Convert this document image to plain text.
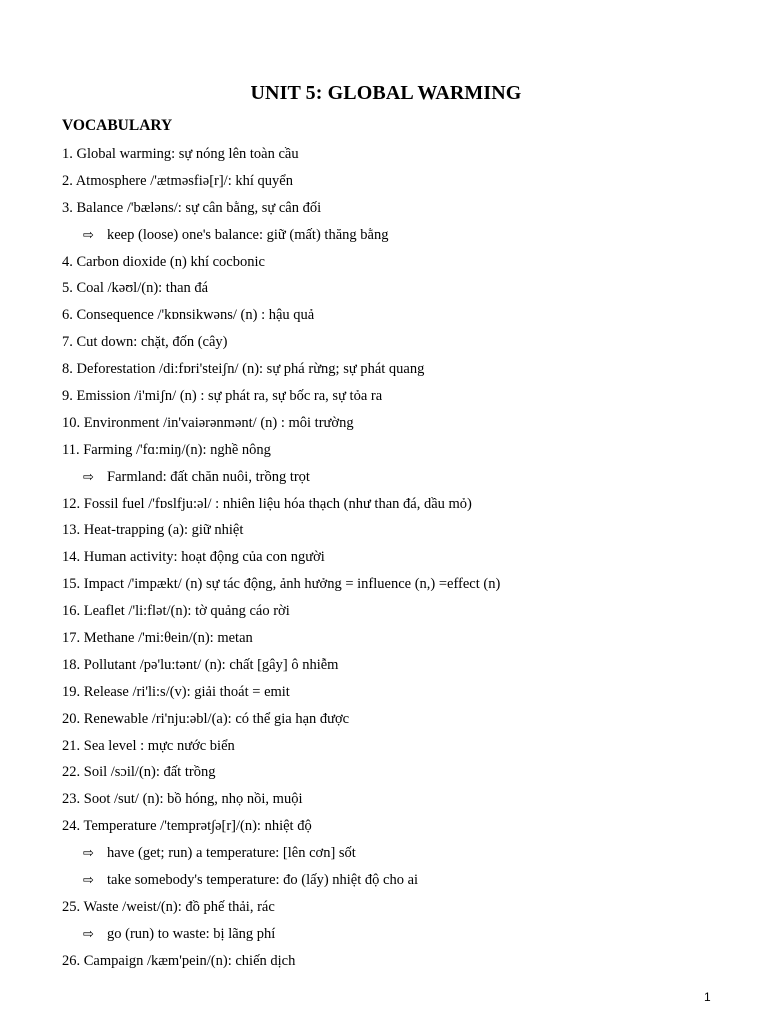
UNIT 5: GLOBAL WARMING
VOCABULARY
1. Global warming: sự nóng lên toàn cầu
2. Atmosphere /'ætməsfiə[r]/: khí quyển
3. Balance /'bæləns/: sự cân bằng, sự cân đối
⇨ keep (loose) one's balance: giữ (mất) thăng bằng
4. Carbon dioxide (n) khí cocbonic
5. Coal /kəʊl/(n): than đá
6. Consequence /'kɒnsikwəns/ (n) : hậu quả
7. Cut down: chặt, đốn (cây)
8. Deforestation /di:fɒri'steiʃn/ (n): sự phá rừng; sự phát quang
9. Emission /i'miʃn/ (n) : sự phát ra, sự bốc ra, sự tỏa ra
10. Environment /in'vaiərənmənt/ (n) : môi trường
11. Farming /'fɑ:miŋ/(n): nghề nông
⇨ Farmland: đất chăn nuôi, trồng trọt
12. Fossil fuel /'fɒslfju:əl/ : nhiên liệu hóa thạch (như than đá, dầu mỏ)
13. Heat-trapping (a): giữ nhiệt
14. Human activity: hoạt động của con người
15. Impact /'impækt/ (n) sự tác động, ảnh hưởng = influence (n,) =effect (n)
16. Leaflet /'li:flət/(n): tờ quảng cáo rời
17. Methane /'mi:θein/(n): metan
18. Pollutant /pə'lu:tənt/ (n): chất [gây] ô nhiễm
19. Release /ri'li:s/(v): giải thoát = emit
20. Renewable /ri'nju:əbl/(a): có thể gia hạn được
21. Sea level : mực nước biển
22. Soil /sɔil/(n): đất trồng
23. Soot /sut/ (n): bồ hóng, nhọ nồi, muội
24. Temperature /'temprət∫ə[r]/(n): nhiệt độ
⇨ have (get; run) a temperature: [lên cơn] sốt
⇨ take somebody's temperature: đo (lấy) nhiệt độ cho ai
25. Waste /weist/(n): đồ phế thải, rác
⇨ go (run) to waste: bị lãng phí
26. Campaign /kæm'pein/(n): chiến dịch
1
